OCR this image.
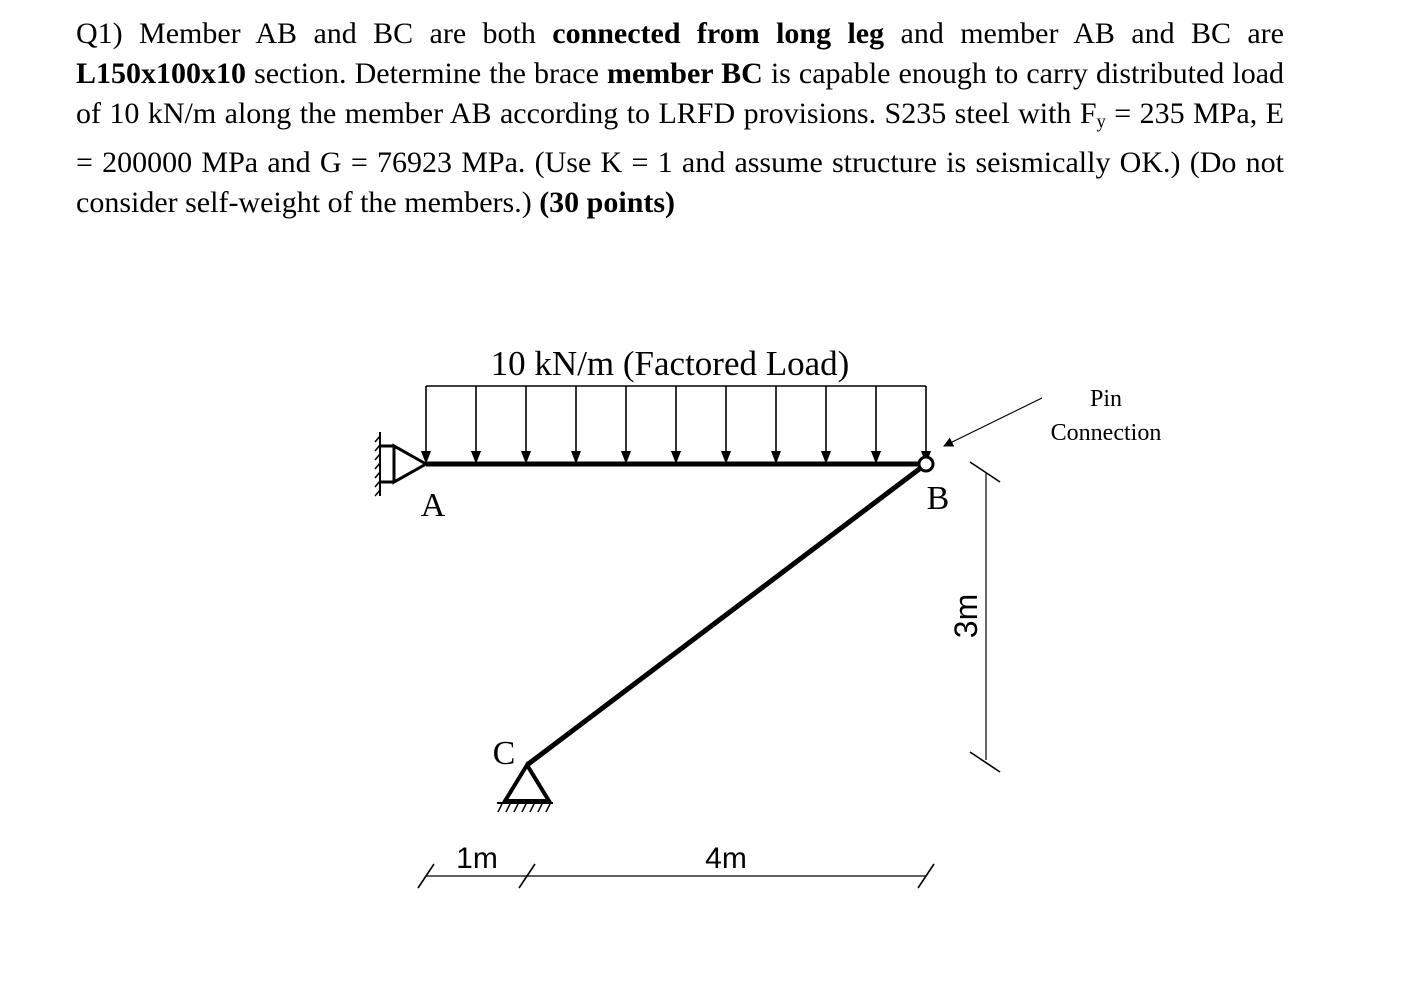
Q1) Member AB and BC are both connected from long leg and member AB and BC are L150x100x10 section. Determine the brace member BC is capable enough to carry distributed load of 10 kN/m along the member AB according to LRFD provisions. S235 steel with $F_y = 235$ MPa, E = 200000 MPa and G = 76923 MPa. (Use K = 1 and assume structure is seismically OK.) (Do not consider self-weight of the members.) (30 points)

10 kN/m (Factored Load)
A	B
C
Pin
Connection
3m
1m	4m
